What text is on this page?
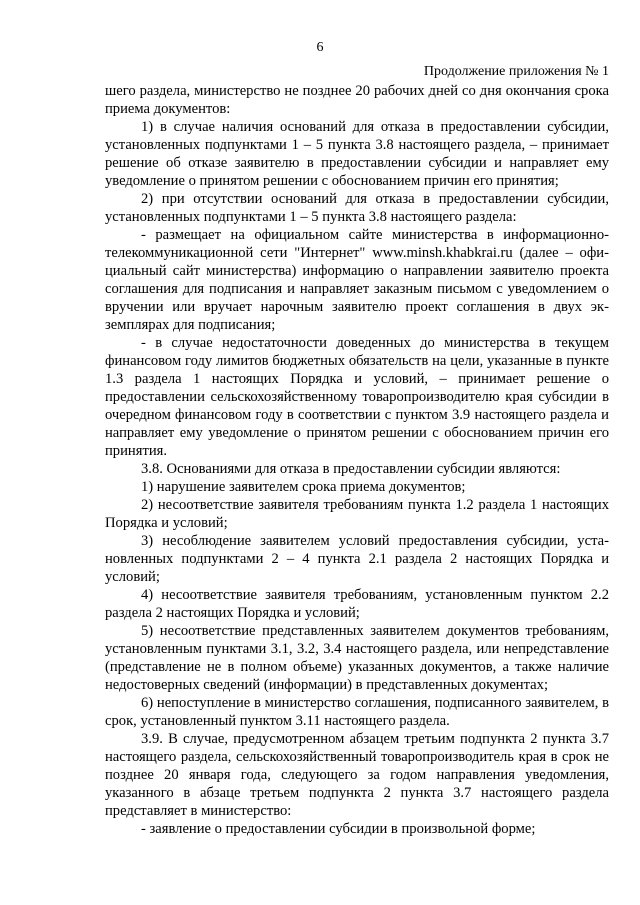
6
Продолжение приложения № 1

шего раздела, министерство не позднее 20 рабочих дней со дня окончания срока приема документов:

1) в случае наличия оснований для отказа в предоставлении субсидии, установленных подпунктами 1 – 5 пункта 3.8 настоящего раздела, – принимает решение об отказе заявителю в предоставлении субсидии и направляет ему уведомление о принятом решении с обоснованием причин его принятия;

2) при отсутствии оснований для отказа в предоставлении субсидии, установленных подпунктами 1 – 5 пункта 3.8 настоящего раздела:

- размещает на официальном сайте министерства в информационно-телекоммуникационной сети "Интернет" www.minsh.khabkrai.ru (далее – официальный сайт министерства) информацию о направлении заявителю проекта соглашения для подписания и направляет заказным письмом с уведомлением о вручении или вручает нарочным заявителю проект соглашения в двух экземплярах для подписания;

- в случае недостаточности доведенных до министерства в текущем финансовом году лимитов бюджетных обязательств на цели, указанные в пункте 1.3 раздела 1 настоящих Порядка и условий, – принимает решение о предоставлении сельскохозяйственному товаропроизводителю края субсидии в очередном финансовом году в соответствии с пунктом 3.9 настоящего раздела и направляет ему уведомление о принятом решении с обоснованием причин его принятия.

3.8. Основаниями для отказа в предоставлении субсидии являются:

1) нарушение заявителем срока приема документов;

2) несоответствие заявителя требованиям пункта 1.2 раздела 1 настоящих Порядка и условий;

3) несоблюдение заявителем условий предоставления субсидии, установленных подпунктами 2 – 4 пункта 2.1 раздела 2 настоящих Порядка и условий;

4) несоответствие заявителя требованиям, установленным пунктом 2.2 раздела 2 настоящих Порядка и условий;

5) несоответствие представленных заявителем документов требованиям, установленным пунктами 3.1, 3.2, 3.4 настоящего раздела, или непредставление (представление не в полном объеме) указанных документов, а также наличие недостоверных сведений (информации) в представленных документах;

6) непоступление в министерство соглашения, подписанного заявителем, в срок, установленный пунктом 3.11 настоящего раздела.

3.9. В случае, предусмотренном абзацем третьим подпункта 2 пункта 3.7 настоящего раздела, сельскохозяйственный товаропроизводитель края в срок не позднее 20 января года, следующего за годом направления уведомления, указанного в абзаце третьем подпункта 2 пункта 3.7 настоящего раздела представляет в министерство:

- заявление о предоставлении субсидии в произвольной форме;
